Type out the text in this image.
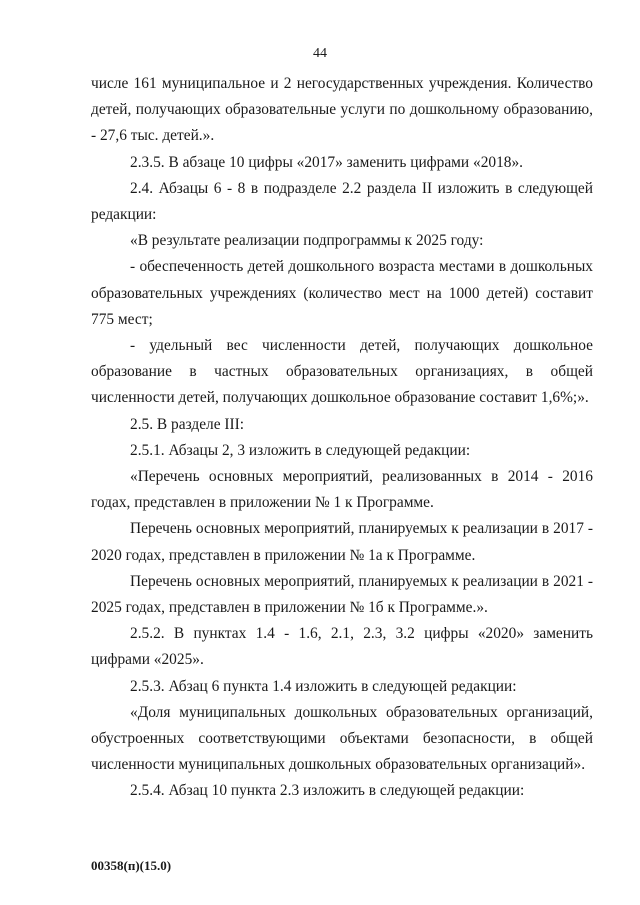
44

числе 161 муниципальное и 2 негосударственных учреждения. Количество детей, получающих образовательные услуги по дошкольному образованию, - 27,6 тыс. детей.».

2.3.5. В абзаце 10 цифры «2017» заменить цифрами «2018».

2.4. Абзацы 6 - 8 в подразделе 2.2 раздела II изложить в следующей редакции:

«В результате реализации подпрограммы к 2025 году:

- обеспеченность детей дошкольного возраста местами в дошкольных образовательных учреждениях (количество мест на 1000 детей) составит 775 мест;

- удельный вес численности детей, получающих дошкольное образование в частных образовательных организациях, в общей численности детей, получающих дошкольное образование составит 1,6%;».

2.5. В разделе III:

2.5.1. Абзацы 2, 3 изложить в следующей редакции:

«Перечень основных мероприятий, реализованных в 2014 - 2016 годах, представлен в приложении № 1 к Программе.

Перечень основных мероприятий, планируемых к реализации в 2017 - 2020 годах, представлен в приложении № 1а к Программе.

Перечень основных мероприятий, планируемых к реализации в 2021 - 2025 годах, представлен в приложении № 1б к Программе.».

2.5.2. В пунктах 1.4 - 1.6, 2.1, 2.3, 3.2 цифры «2020» заменить цифрами «2025».

2.5.3. Абзац 6 пункта 1.4 изложить в следующей редакции:

«Доля муниципальных дошкольных образовательных организаций, обустроенных соответствующими объектами безопасности, в общей численности муниципальных дошкольных образовательных организаций».

2.5.4. Абзац 10 пункта 2.3 изложить в следующей редакции:

00358(п)(15.0)
